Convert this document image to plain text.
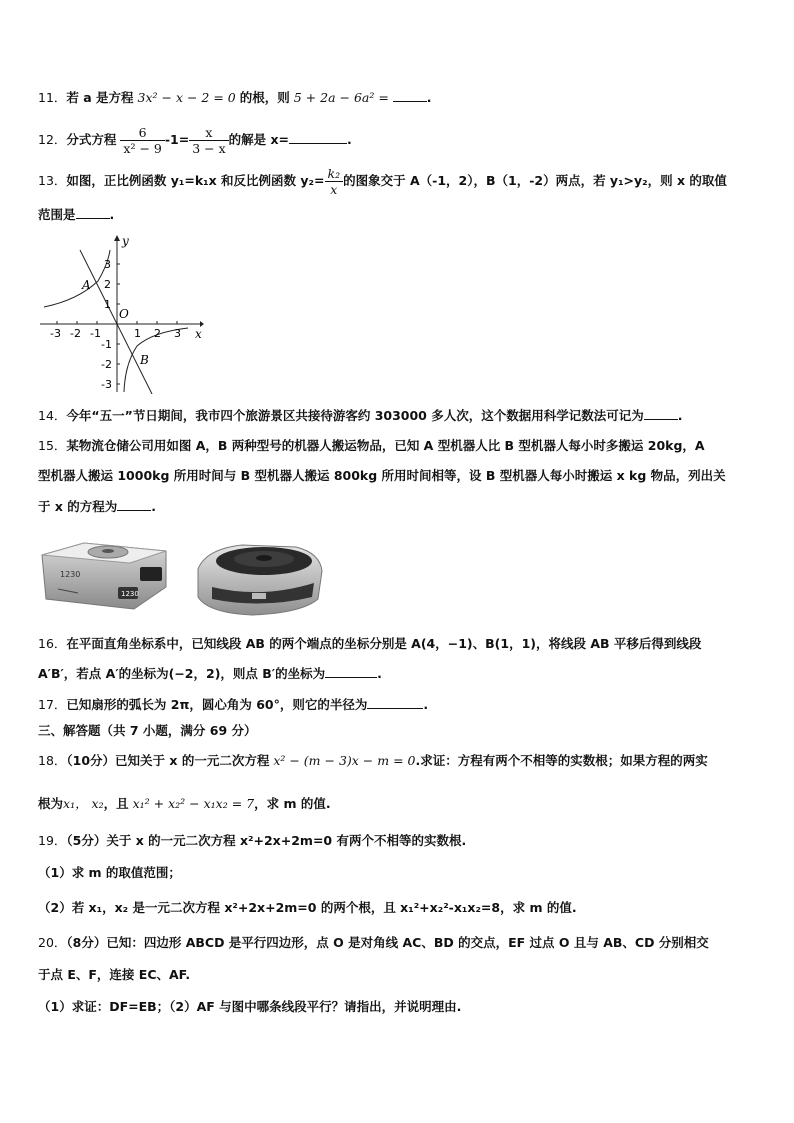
11．若 a 是方程 3x² − x − 2 = 0 的根，则 5 + 2a − 6a² =	.
12．分式方程 $\frac{6}{\text{x² − 9}} -1= \frac{x}{3 - x}$ 的解是 x=	.
13．如图，正比例函数 y₁=k₁x 和反比例函数 $y_2= \frac{\text{k₂}}{x}$ 的图象交于 A（-1，2），B（1，-2）两点，若 y₁>y₂，则 x 的取值
范围是	.
y
x
O
A
B
3
2
1
-1
-2
-3
-3 -2 -1	1 2 3
14．今年“五一”节日期间，我市四个旅游景区共接待游客约 303000 多人次，这个数据用科学记数法可记为	.
15．某物流仓储公司用如图 A，B 两种型号的机器人搬运物品，已知 A 型机器人比 B 型机器人每小时多搬运 20kg，A
型机器人搬运 1000kg 所用时间与 B 型机器人搬运 800kg 所用时间相等，设 B 型机器人每小时搬运 x kg 物品，列出关
于 x 的方程为	.
1230
1230
16．在平面直角坐标系中，已知线段 AB 的两个端点的坐标分别是 A(4，−1)、B(1，1)，将线段 AB 平移后得到线段
A′B′，若点 A′的坐标为(−2，2)，则点 B′的坐标为	.
17．已知扇形的弧长为 2π，圆心角为 60°，则它的半径为	.
三、解答题（共 7 小题，满分 69 分）
18．（10分）已知关于 x 的一元二次方程 x² − (m − 3)x − m = 0.求证：方程有两个不相等的实数根；如果方程的两实
根为x₁， x₂，且 x₁² + x₂² − x₁x₂ = 7，求 m 的值.
19．（5分）关于 x 的一元二次方程 x²+2x+2m=0 有两个不相等的实数根.
（1）求 m 的取值范围；
（2）若 x₁，x₂ 是一元二次方程 x²+2x+2m=0 的两个根，且 x₁²+x₂²-x₁x₂=8，求 m 的值.
20．（8分）已知：四边形 ABCD 是平行四边形，点 O 是对角线 AC、BD 的交点，EF 过点 O 且与 AB、CD 分别相交
于点 E、F，连接 EC、AF.
（1）求证：DF=EB；（2）AF 与图中哪条线段平行？请指出，并说明理由.
